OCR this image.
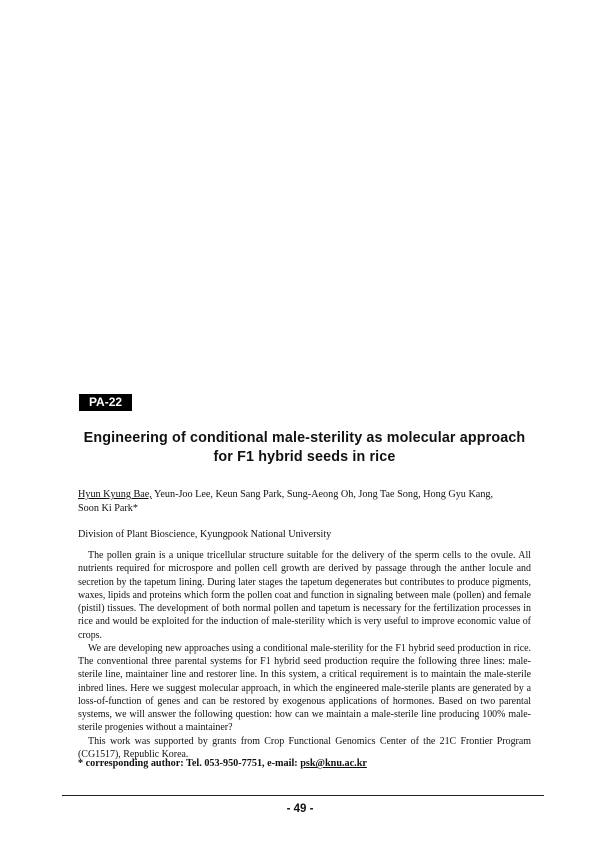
PA-22
Engineering of conditional male-sterility as molecular approach
for F1 hybrid seeds in rice
Hyun Kyung Bae, Yeun-Joo Lee, Keun Sang Park, Sung-Aeong Oh, Jong Tae Song, Hong Gyu Kang,
Soon Ki Park*
Division of Plant Bioscience, Kyungpook National University

The pollen grain is a unique tricellular structure suitable for the delivery of the sperm cells to the ovule. All nutrients required for microspore and pollen cell growth are derived by passage through the anther locule and secretion by the tapetum lining. During later stages the tapetum degenerates but contributes to produce pigments, waxes, lipids and proteins which form the pollen coat and function in signaling between male (pollen) and female (pistil) tissues. The development of both normal pollen and tapetum is necessary for the fertilization processes in rice and would be exploited for the induction of male-sterility which is very useful to improve economic value of crops.

We are developing new approaches using a conditional male-sterility for the F1 hybrid seed production in rice. The conventional three parental systems for F1 hybrid seed production require the following three lines: male-sterile line, maintainer line and restorer line. In this system, a critical requirement is to maintain the male-sterile inbred lines. Here we suggest molecular approach, in which the engineered male-sterile plants are generated by a loss-of-function of genes and can be restored by exogenous applications of hormones. Based on two parental systems, we will answer the following question: how can we maintain a male-sterile line producing 100% male-sterile progenies without a maintainer?

This work was supported by grants from Crop Functional Genomics Center of the 21C Frontier Program (CG1517), Republic Korea.

* corresponding author: Tel. 053-950-7751, e-mail: psk@knu.ac.kr
- 49 -
